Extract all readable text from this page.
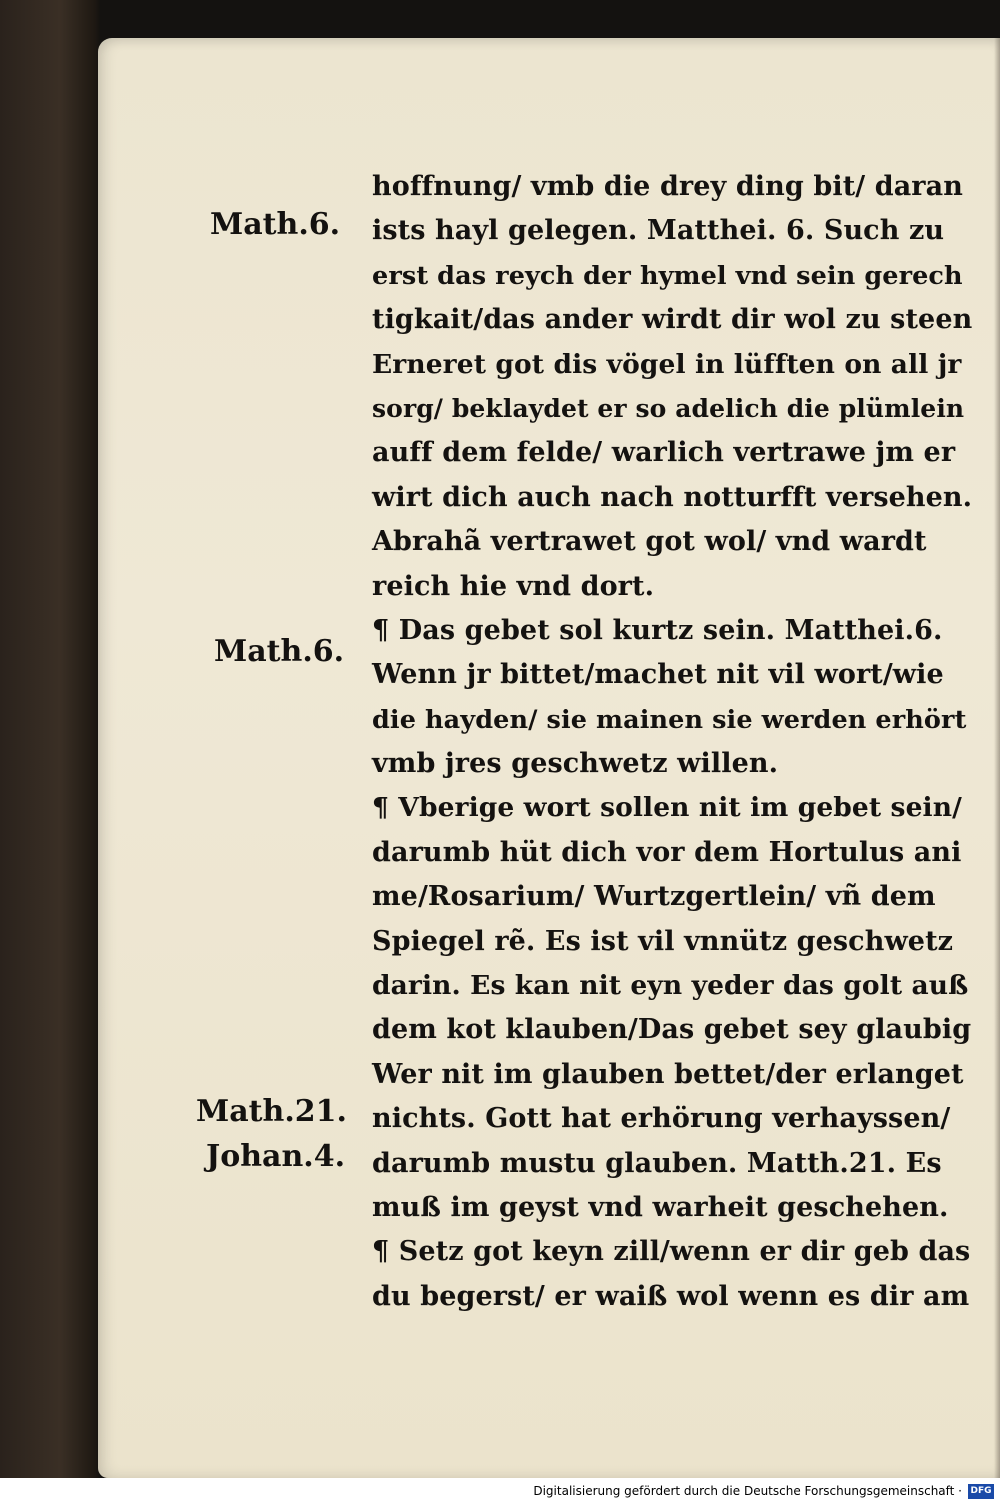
Math.6.
Math.6.
Math.21.
Johan.4.
hoffnung/ vmb die drey ding bit/ daran
ists hayl gelegen. Matthei. 6. Such zu
erst das reych der hymel vnd sein gerech
tigkait/das ander wirdt dir wol zu steen
Erneret got dis vögel in lüfften on all jr
sorg/ beklaydet er so adelich die plümlein
auff dem felde/ warlich vertrawe jm er
wirt dich auch nach notturfft versehen.
Abrahã vertrawet got wol/ vnd wardt
reich hie vnd dort.
¶ Das gebet sol kurtz sein. Matthei.6.
Wenn jr bittet/machet nit vil wort/wie
die hayden/ sie mainen sie werden erhört
vmb jres geschwetz willen.
¶ Vberige wort sollen nit im gebet sein/
darumb hüt dich vor dem Hortulus ani
me/Rosarium/ Wurtzgertlein/ vñ dem
Spiegel rẽ. Es ist vil vnnütz geschwetz
darin. Es kan nit eyn yeder das golt auß
dem kot klauben/Das gebet sey glaubig
Wer nit im glauben bettet/der erlanget
nichts. Gott hat erhörung verhayssen/
darumb mustu glauben. Matth.21. Es
muß im geyst vnd warheit geschehen.
¶ Setz got keyn zill/wenn er dir geb das
du begerst/ er waiß wol wenn es dir am
Digitalisierung gefördert durch die Deutsche Forschungsgemeinschaft · DFG
